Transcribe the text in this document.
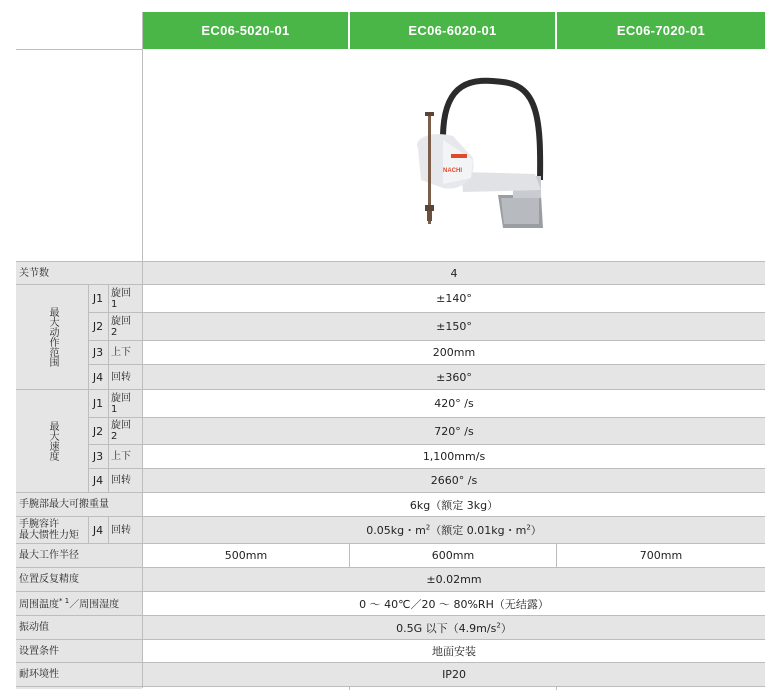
EC06-5020-01	EC06-6020-01	EC06-7020-01
NACHI
关节数	4
最大动作范围
J1 旋回1	±140°
J2 旋回2	±150°
J3 上下	200mm
J4 回转	±360°
最大速度
J1 旋回1	420° /s
J2 旋回2	720° /s
J3 上下	1,100mm/s
J4 回转	2660° /s
手腕部最大可搬重量	6kg（额定 3kg）
手腕容许
最大惯性力矩 J4 回转	0.05kg・$m^2$（额定 0.01kg・$m^2$）
最大工作半径	500mm	600mm	700mm
位置反复精度	±0.02mm
周围温度$^{* 1}$／周围湿度	0 ～ 40℃／20 ～ 80%RH（无结露）
振动值	0.5G 以下$(4.9m/s^2)$
设置条件	地面安装
耐环境性	IP20
